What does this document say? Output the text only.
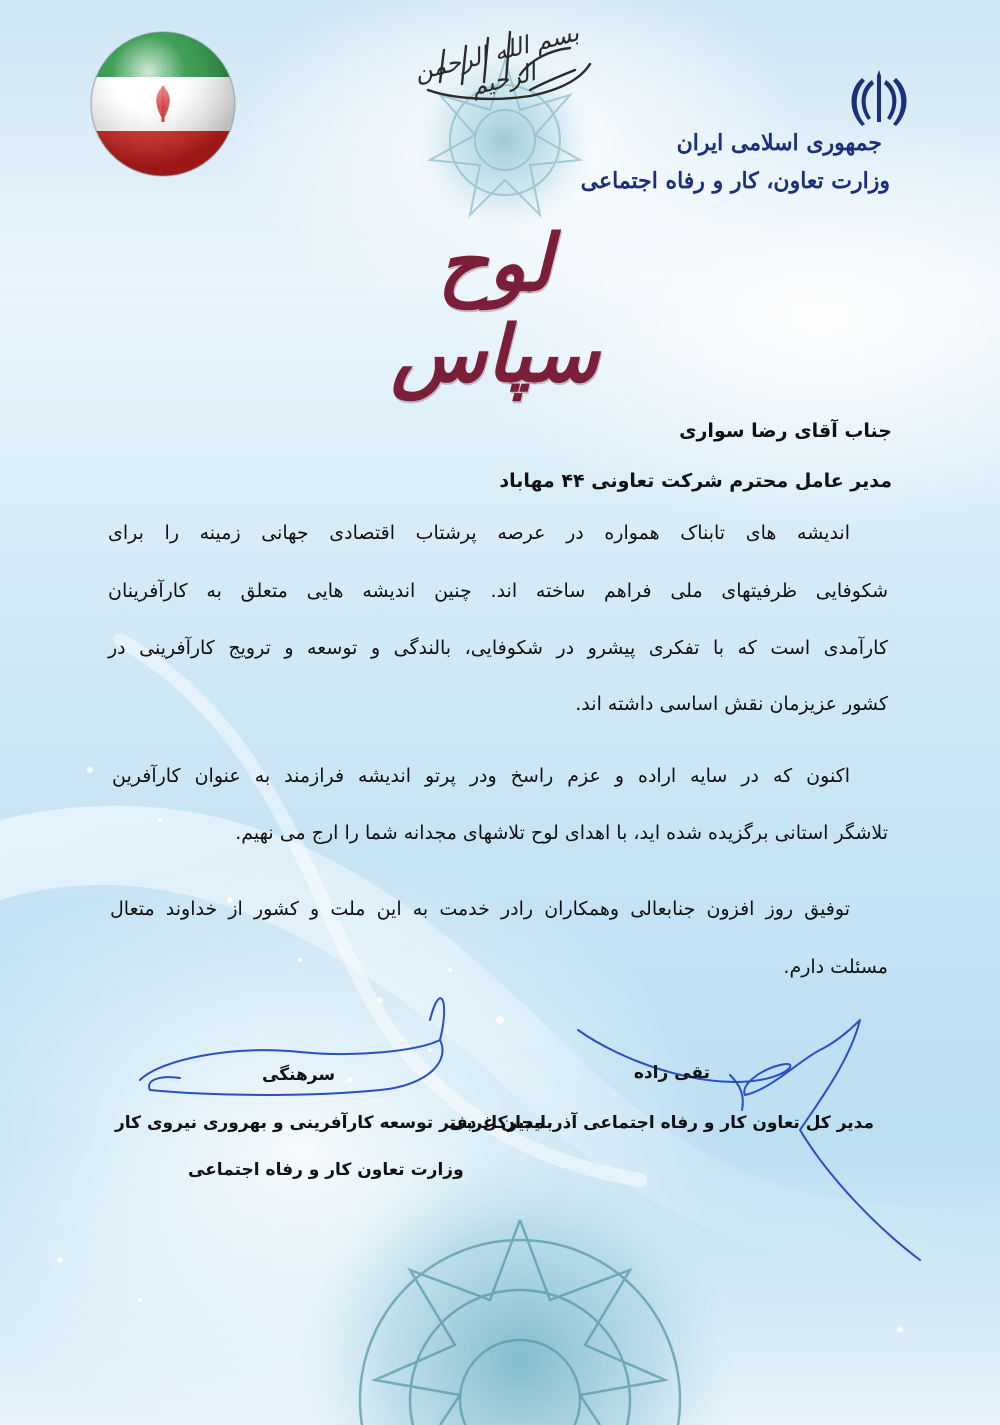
بسم الله الرحمن الرحیم
جمهوری اسلامی ایران
وزارت تعاون، کار و رفاه اجتماعی
لوح سپاس
جناب آقای رضا سواری
مدیر عامل محترم شرکت تعاونی ۴۴ مهاباد
اندیشه های تابناک همواره در عرصه پرشتاب اقتصادی جهانی زمینه را برای
شکوفایی ظرفیتهای ملی فراهم ساخته اند. چنین اندیشه هایی متعلق به کارآفرینان
کارآمدی است که با تفکری پیشرو در شکوفایی، بالندگی و توسعه و ترویج کارآفرینی در
کشور عزیزمان نقش اساسی داشته اند.
اکنون که در سایه اراده و عزم راسخ ودر پرتو اندیشه فرازمند به عنوان کارآفرین
تلاشگر استانی برگزیده شده اید، با اهدای لوح تلاشهای مجدانه شما را ارج می نهیم.
توفیق روز افزون جنابعالی وهمکاران رادر خدمت به این ملت و کشور از خداوند متعال
مسئلت دارم.
تقی زاده
مدیر کل تعاون کار و رفاه اجتماعی آذربایجان غربی
سرهنگی
مدیرکل دفتر توسعه کارآفرینی و بهروری نیروی کار
وزارت تعاون کار و رفاه اجتماعی
